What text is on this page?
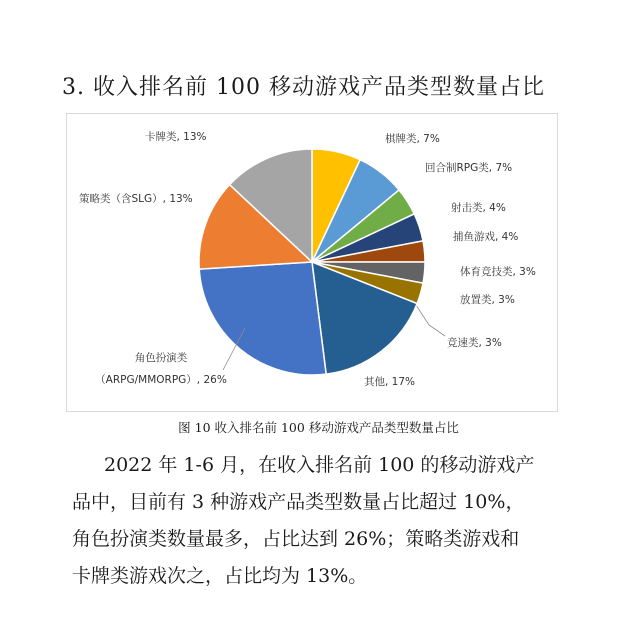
3. 收入排名前 100 移动游戏产品类型数量占比
棋牌类, 7%
回合制RPG类, 7%
射击类, 4%
捕鱼游戏, 4%
体育竞技类, 3%
放置类, 3%
竞速类, 3%
其他, 17%
角色扮演类（ARPG/MMORPG）, 26%
策略类（含SLG）, 13%
卡牌类, 13%
图 10 收入排名前 100 移动游戏产品类型数量占比
2022 年 1-6 月，在收入排名前 100 的移动游戏产
品中，目前有 3 种游戏产品类型数量占比超过 10%，
角色扮演类数量最多，占比达到 26%；策略类游戏和
卡牌类游戏次之，占比均为 13%。
